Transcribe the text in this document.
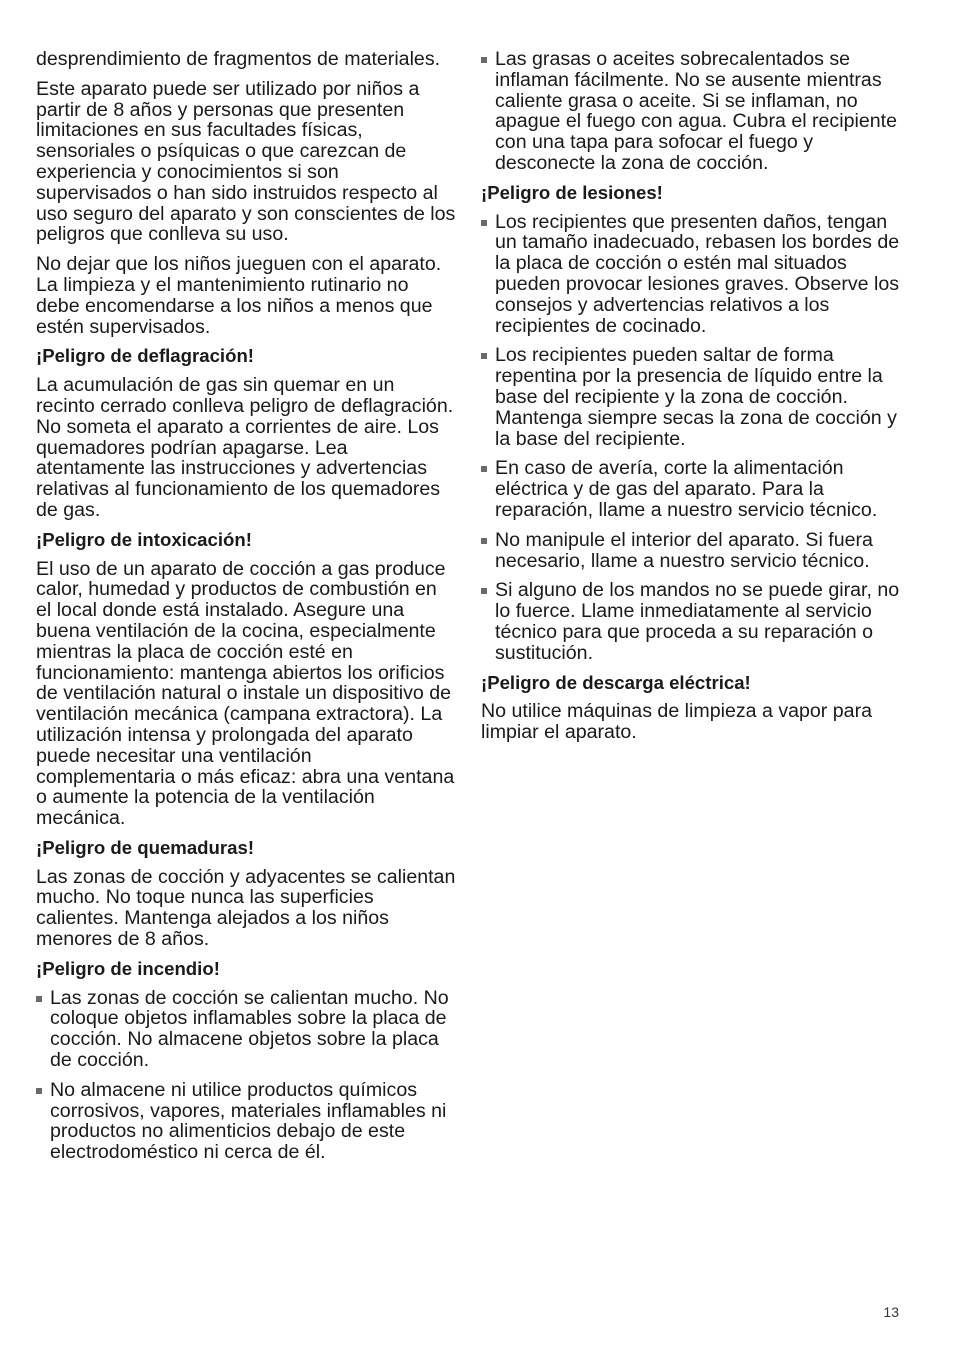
desprendimiento de fragmentos de materiales.

Este aparato puede ser utilizado por niños a partir de 8 años y personas que presenten limitaciones en sus facultades físicas, sensoriales o psíquicas o que carezcan de experiencia y conocimientos si son supervisados o han sido instruidos respecto al uso seguro del aparato y son conscientes de los peligros que conlleva su uso.

No dejar que los niños jueguen con el aparato. La limpieza y el mantenimiento rutinario no debe encomendarse a los niños a menos que estén supervisados.

¡Peligro de deflagración!

La acumulación de gas sin quemar en un recinto cerrado conlleva peligro de deflagración. No someta el aparato a corrientes de aire. Los quemadores podrían apagarse. Lea atentamente las instrucciones y advertencias relativas al funcionamiento de los quemadores de gas.

¡Peligro de intoxicación!

El uso de un aparato de cocción a gas produce calor, humedad y productos de combustión en el local donde está instalado. Asegure una buena ventilación de la cocina, especialmente mientras la placa de cocción esté en funcionamiento: mantenga abiertos los orificios de ventilación natural o instale un dispositivo de ventilación mecánica (campana extractora). La utilización intensa y prolongada del aparato puede necesitar una ventilación complementaria o más eficaz: abra una ventana o aumente la potencia de la ventilación mecánica.

¡Peligro de quemaduras!

Las zonas de cocción y adyacentes se calientan mucho. No toque nunca las superficies calientes. Mantenga alejados a los niños menores de 8 años.

¡Peligro de incendio!
Las zonas de cocción se calientan mucho. No coloque objetos inflamables sobre la placa de cocción. No almacene objetos sobre la placa de cocción.
No almacene ni utilice productos químicos corrosivos, vapores, materiales inflamables ni productos no alimenticios debajo de este electrodoméstico ni cerca de él.
Las grasas o aceites sobrecalentados se inflaman fácilmente. No se ausente mientras caliente grasa o aceite. Si se inflaman, no apague el fuego con agua. Cubra el recipiente con una tapa para sofocar el fuego y desconecte la zona de cocción.
¡Peligro de lesiones!
Los recipientes que presenten daños, tengan un tamaño inadecuado, rebasen los bordes de la placa de cocción o estén mal situados pueden provocar lesiones graves. Observe los consejos y advertencias relativos a los recipientes de cocinado.
Los recipientes pueden saltar de forma repentina por la presencia de líquido entre la base del recipiente y la zona de cocción. Mantenga siempre secas la zona de cocción y la base del recipiente.
En caso de avería, corte la alimentación eléctrica y de gas del aparato. Para la reparación, llame a nuestro servicio técnico.
No manipule el interior del aparato. Si fuera necesario, llame a nuestro servicio técnico.
Si alguno de los mandos no se puede girar, no lo fuerce. Llame inmediatamente al servicio técnico para que proceda a su reparación o sustitución.
¡Peligro de descarga eléctrica!

No utilice máquinas de limpieza a vapor para limpiar el aparato.

13
